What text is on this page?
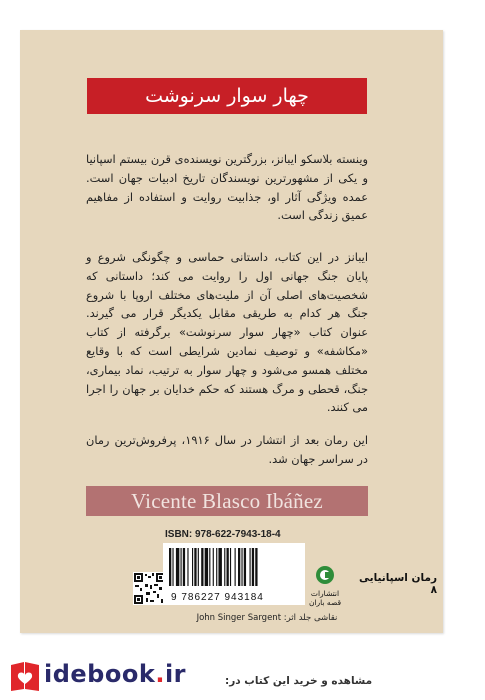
چهار سوار سرنوشت

وینسته بلاسکو ایبانز، بزرگترین نویسنده‌ی قرن بیستم اسپانیا و یکی از مشهورترین نویسندگان تاریخ ادبیات جهان است. عمده ویژگی آثار او، جذابیت روایت و استفاده از مفاهیم عمیق زندگی است.

ایبانز در این کتاب، داستانی حماسی و چگونگی شروع و پایان جنگ جهانی اول را روایت می کند؛ داستانی که شخصیت‌های اصلی آن از ملیت‌های مختلف اروپا با شروع جنگ هر کدام به طریقی مقابل یکدیگر قرار می گیرند. عنوان کتاب «چهار سوار سرنوشت» برگرفته از کتاب «مکاشفه» و توصیف نمادین شرایطی است که با وقایع مختلف همسو می‌شود و چهار سوار به ترتیب، نماد بیماری، جنگ، قحطی و مرگ هستند که حکم خدایان بر جهان را اجرا می کنند.

این رمان بعد از انتشار در سال ۱۹۱۶، پرفروش‌ترین رمان در سراسر جهان شد.

Vicente Blasco Ibáñez
ISBN: 978-622-7943-18-4
9 786227 943184	انتشارات قصه باران
رمان اسپانیایی ۸
نقاشی جلد اثر: John Singer Sargent
idebook.ir	مشاهده و خرید این کتاب در:
